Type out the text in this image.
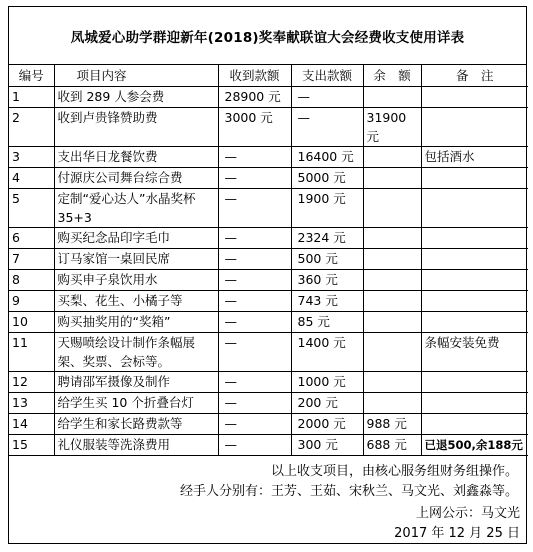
凤城爱心助学群迎新年(2018)奖奉献联谊大会经费收支使用详表
编号	项目内容	收到款额	支出款额	余　额	备　注
1	收到 289 人参会费	28900 元	—		
2	收到卢贵锋赞助费	3000 元	—	31900 元	
3	支出华日龙餐饮费	—	16400 元		包括酒水
4	付源庆公司舞台综合费	—	5000 元		
5	定制“爱心达人”水晶奖杯 35+3	—	1900 元		
6	购买纪念品印字毛巾	—	2324 元		
7	订马家馆一桌回民席	—	500 元		
8	购买申子泉饮用水	—	360 元		
9	买梨、花生、小橘子等	—	743 元		
10	购买抽奖用的“奖箱”	—	85 元		
11	天赐喷绘设计制作条幅展架、奖票、会标等。	—	1400 元		条幅安装免费
12	聘请邵军摄像及制作	—	1000 元		
13	给学生买 10 个折叠台灯	—	200 元		
14	给学生和家长路费款等	—	2000 元	988 元	
15	礼仪服装等洗涤费用	—	300 元	688 元	已退500,余188元
以上收支项目，由核心服务组财务组操作。
经手人分别有：王芳、王茹、宋秋兰、马文光、刘鑫淼等。
上网公示：马文光
2017 年 12 月 25 日
